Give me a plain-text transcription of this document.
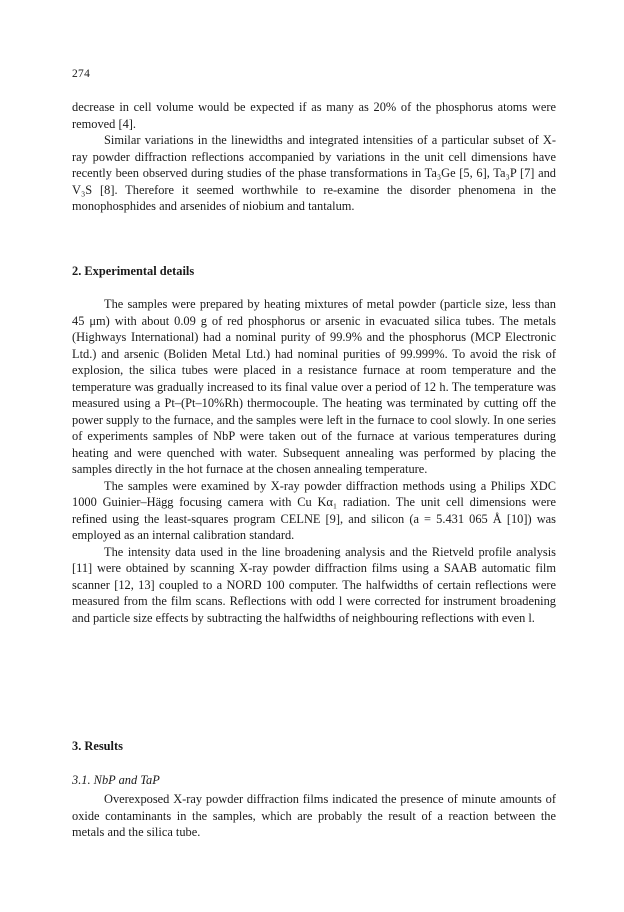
274

decrease in cell volume would be expected if as many as 20% of the phosphorus atoms were removed [4].

Similar variations in the linewidths and integrated intensities of a particular subset of X-ray powder diffraction reflections accompanied by variations in the unit cell dimensions have recently been observed during studies of the phase transformations in Ta₃Ge [5, 6], Ta₃P [7] and V₃S [8]. Therefore it seemed worthwhile to re-examine the disorder phenomena in the monophosphides and arsenides of niobium and tantalum.

2. Experimental details

The samples were prepared by heating mixtures of metal powder (particle size, less than 45 μm) with about 0.09 g of red phosphorus or arsenic in evacuated silica tubes. The metals (Highways International) had a nominal purity of 99.9% and the phosphorus (MCP Electronic Ltd.) and arsenic (Boliden Metal Ltd.) had nominal purities of 99.999%. To avoid the risk of explosion, the silica tubes were placed in a resistance furnace at room temperature and the temperature was gradually increased to its final value over a period of 12 h. The temperature was measured using a Pt–(Pt–10%Rh) thermocouple. The heating was terminated by cutting off the power supply to the furnace, and the samples were left in the furnace to cool slowly. In one series of experiments samples of NbP were taken out of the furnace at various temperatures during heating and were quenched with water. Subsequent annealing was performed by placing the samples directly in the hot furnace at the chosen annealing temperature.

The samples were examined by X-ray powder diffraction methods using a Philips XDC 1000 Guinier–Hägg focusing camera with Cu Kα₁ radiation. The unit cell dimensions were refined using the least-squares program CELNE [9], and silicon (a = 5.431 065 Å [10]) was employed as an internal calibration standard.

The intensity data used in the line broadening analysis and the Rietveld profile analysis [11] were obtained by scanning X-ray powder diffraction films using a SAAB automatic film scanner [12, 13] coupled to a NORD 100 computer. The halfwidths of certain reflections were measured from the film scans. Reflections with odd l were corrected for instrument broadening and particle size effects by subtracting the halfwidths of neighbouring reflections with even l.

3. Results
3.1. NbP and TaP

Overexposed X-ray powder diffraction films indicated the presence of minute amounts of oxide contaminants in the samples, which are probably the result of a reaction between the metals and the silica tube.
